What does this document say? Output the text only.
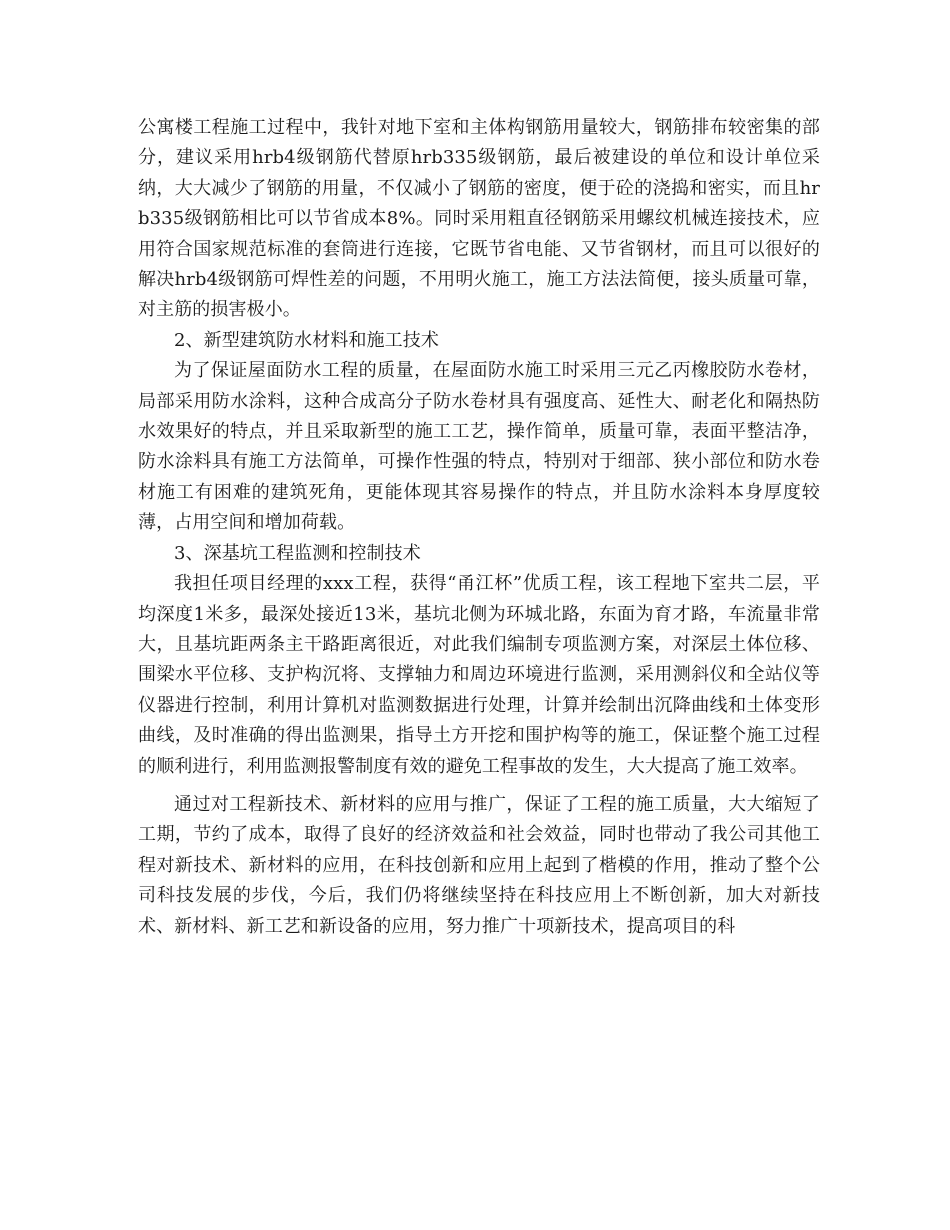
公寓楼工程施工过程中，我针对地下室和主体构钢筋用量较大，钢筋排布较密集的部分，建议采用hrb4级钢筋代替原hrb335级钢筋，最后被建设的单位和设计单位采纳，大大减少了钢筋的用量，不仅减小了钢筋的密度，便于砼的浇捣和密实，而且hrb335级钢筋相比可以节省成本8%。同时采用粗直径钢筋采用螺纹机械连接技术，应用符合国家规范标准的套筒进行连接，它既节省电能、又节省钢材，而且可以很好的解决hrb4级钢筋可焊性差的问题，不用明火施工，施工方法法简便，接头质量可靠，对主筋的损害极小。

2、新型建筑防水材料和施工技术

为了保证屋面防水工程的质量，在屋面防水施工时采用三元乙丙橡胶防水卷材，局部采用防水涂料，这种合成高分子防水卷材具有强度高、延性大、耐老化和隔热防水效果好的特点，并且采取新型的施工工艺，操作简单，质量可靠，表面平整洁净，防水涂料具有施工方法简单，可操作性强的特点，特别对于细部、狭小部位和防水卷材施工有困难的建筑死角，更能体现其容易操作的特点，并且防水涂料本身厚度较薄，占用空间和增加荷载。

3、深基坑工程监测和控制技术

我担任项目经理的xxx工程，获得“甬江杯”优质工程，该工程地下室共二层，平均深度1米多，最深处接近13米，基坑北侧为环城北路，东面为育才路，车流量非常大，且基坑距两条主干路距离很近，对此我们编制专项监测方案，对深层土体位移、围梁水平位移、支护构沉将、支撑轴力和周边环境进行监测，采用测斜仪和全站仪等仪器进行控制，利用计算机对监测数据进行处理，计算并绘制出沉降曲线和土体变形曲线，及时准确的得出监测果，指导土方开挖和围护构等的施工，保证整个施工过程的顺利进行，利用监测报警制度有效的避免工程事故的发生，大大提高了施工效率。

通过对工程新技术、新材料的应用与推广，保证了工程的施工质量，大大缩短了工期，节约了成本，取得了良好的经济效益和社会效益，同时也带动了我公司其他工程对新技术、新材料的应用，在科技创新和应用上起到了楷模的作用，推动了整个公司科技发展的步伐，今后，我们仍将继续坚持在科技应用上不断创新，加大对新技术、新材料、新工艺和新设备的应用，努力推广十项新技术，提高项目的科
